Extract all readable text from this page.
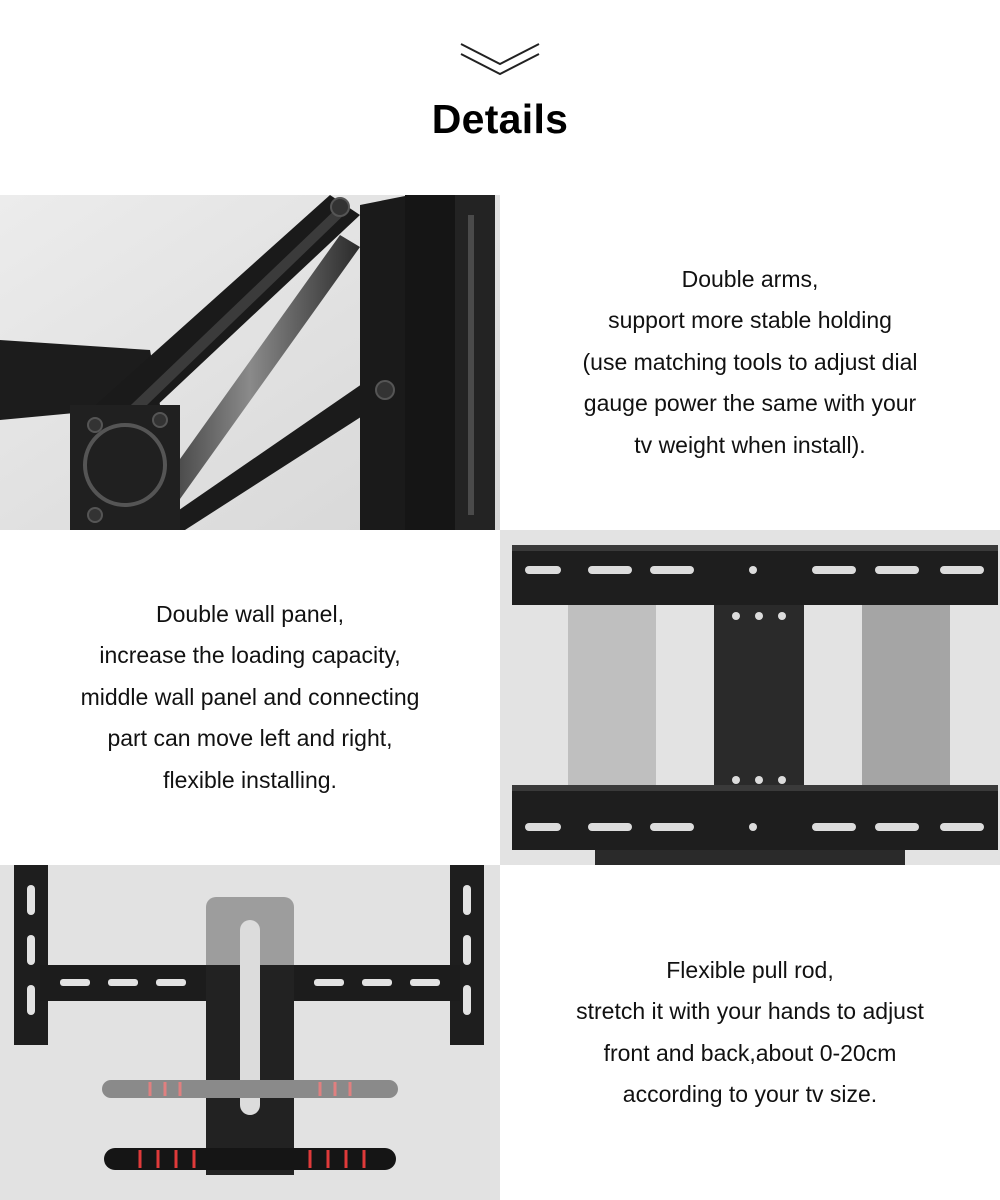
Details
Double arms,
support more stable holding
(use matching tools to adjust dial
gauge power the same with your
tv weight when install).
Double wall panel,
increase the loading capacity,
middle wall panel and connecting
part can move left and right,
flexible installing.
Flexible pull rod,
stretch it with your hands to adjust
front and back,about 0-20cm
according to your tv size.
